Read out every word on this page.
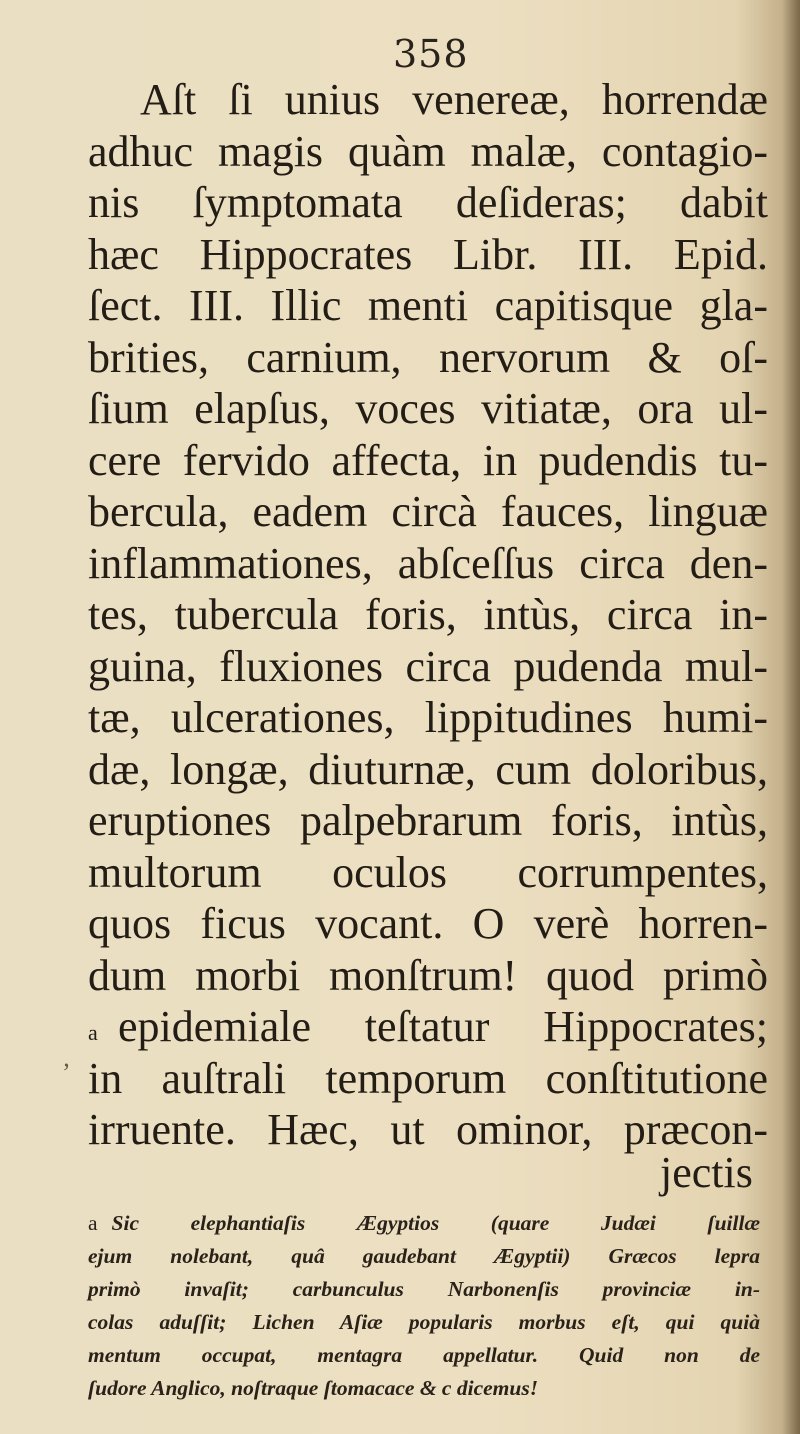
358
Aſt ſi unius venereæ, horrendæ
adhuc magis quàm malæ, contagio-
nis ſymptomata deſideras; dabit
hæc Hippocrates Libr. III. Epid.
ſect. III. Illic menti capitisque gla-
brities, carnium, nervorum & oſ-
ſium elapſus, voces vitiatæ, ora ul-
cere fervido affecta, in pudendis tu-
bercula, eadem circà fauces, linguæ
inflammationes, abſceſſus circa den-
tes, tubercula foris, intùs, circa in-
guina, fluxiones circa pudenda mul-
tæ, ulcerationes, lippitudines humi-
dæ, longæ, diuturnæ, cum doloribus,
eruptiones palpebrarum foris, intùs,
multorum oculos corrumpentes,
quos ficus vocant. O verè horren-
dum morbi monſtrum! quod primò
epidemiale teſtatur Hippocrates;
in auſtrali temporum conſtitutione
irruente. Hæc, ut ominor, præcon-
a
ʼ
jectis
a Sic elephantiaſis Ægyptios (quare Judæi ſuillæ
ejum nolebant, quâ gaudebant Ægyptii) Græcos lepra
primò invaſit; carbunculus Narbonenſis provinciæ in-
colas aduſſit; Lichen Aſiæ popularis morbus eſt, qui quià
mentum occupat, mentagra appellatur. Quid non de
ſudore Anglico, noſtraque ſtomacace & c dicemus!
